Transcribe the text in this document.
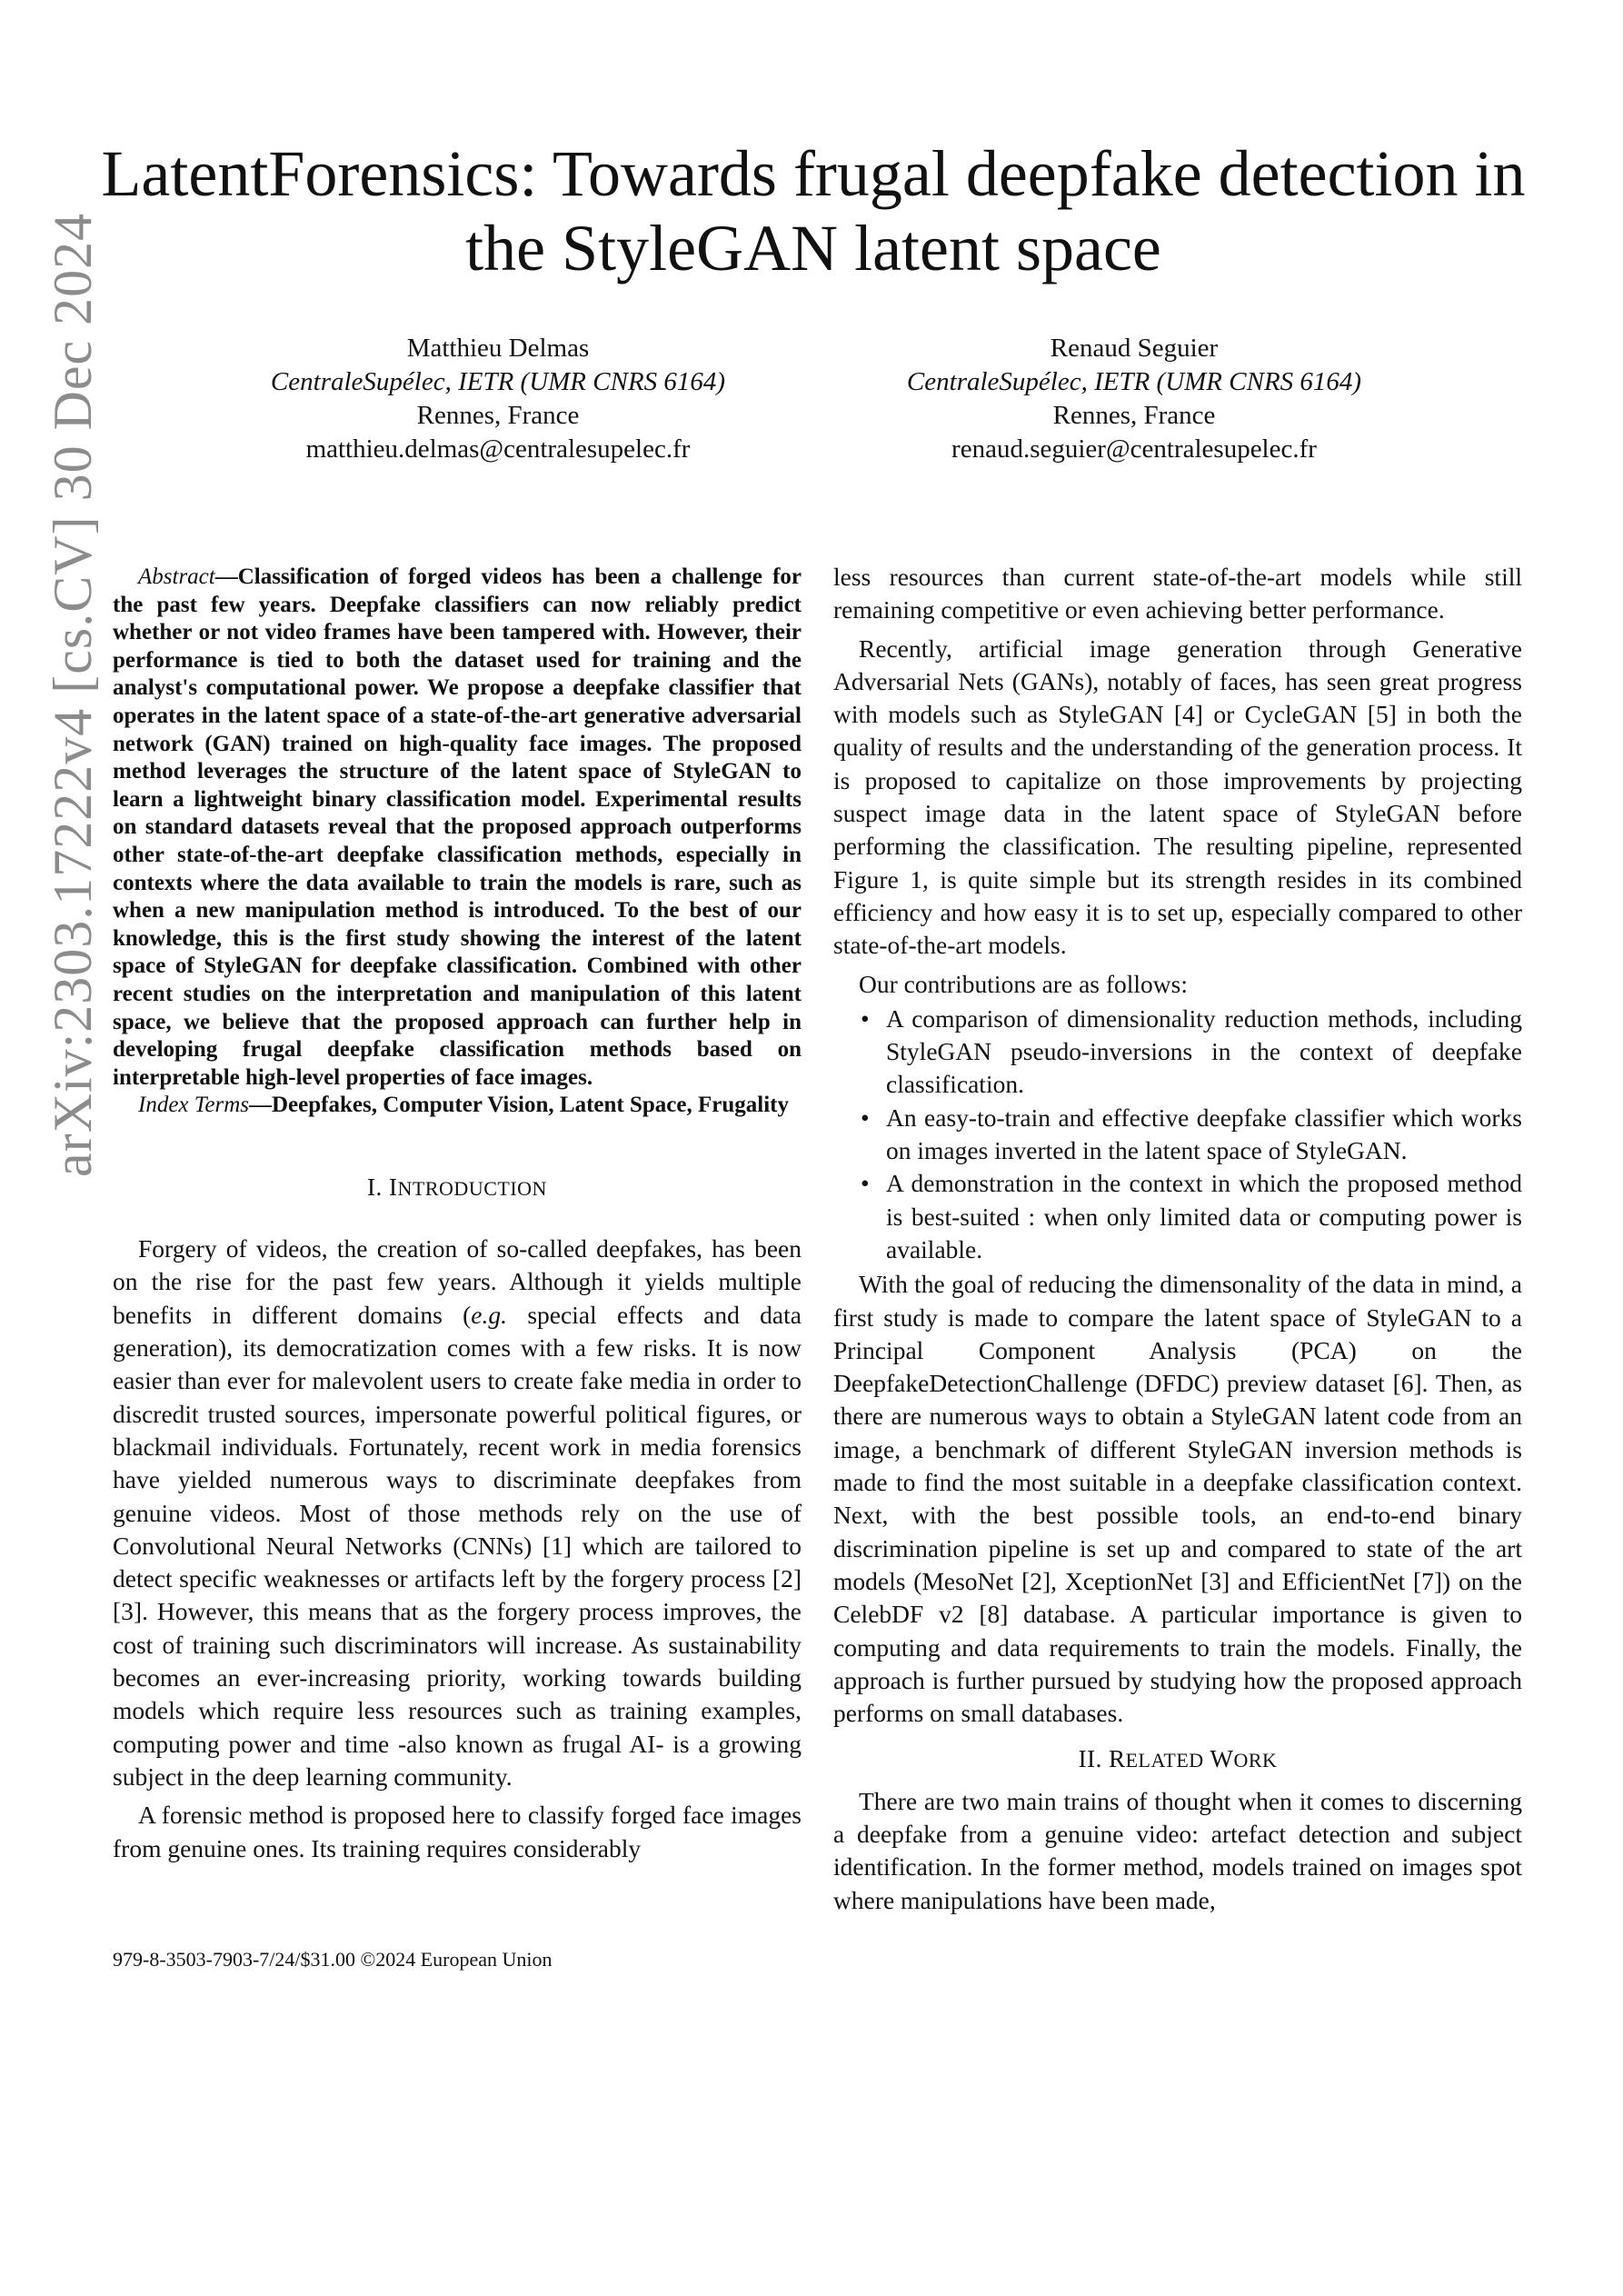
arXiv:2303.17222v4 [cs.CV] 30 Dec 2024
LatentForensics: Towards frugal deepfake detection in the StyleGAN latent space
Matthieu Delmas
CentraleSupélec, IETR (UMR CNRS 6164)
Rennes, France
matthieu.delmas@centralesupelec.fr
Renaud Seguier
CentraleSupélec, IETR (UMR CNRS 6164)
Rennes, France
renaud.seguier@centralesupelec.fr

Abstract—Classification of forged videos has been a challenge for the past few years. Deepfake classifiers can now reliably predict whether or not video frames have been tampered with. However, their performance is tied to both the dataset used for training and the analyst's computational power. We propose a deepfake classifier that operates in the latent space of a state-of-the-art generative adversarial network (GAN) trained on high-quality face images. The proposed method leverages the structure of the latent space of StyleGAN to learn a lightweight binary classification model. Experimental results on standard datasets reveal that the proposed approach outperforms other state-of-the-art deepfake classification methods, especially in contexts where the data available to train the models is rare, such as when a new manipulation method is introduced. To the best of our knowledge, this is the first study showing the interest of the latent space of StyleGAN for deepfake classification. Combined with other recent studies on the interpretation and manipulation of this latent space, we believe that the proposed approach can further help in developing frugal deepfake classification methods based on interpretable high-level properties of face images.

Index Terms—Deepfakes, Computer Vision, Latent Space, Frugality

I. INTRODUCTION

Forgery of videos, the creation of so-called deepfakes, has been on the rise for the past few years. Although it yields multiple benefits in different domains (e.g. special effects and data generation), its democratization comes with a few risks. It is now easier than ever for malevolent users to create fake media in order to discredit trusted sources, impersonate powerful political figures, or blackmail individuals. Fortunately, recent work in media forensics have yielded numerous ways to discriminate deepfakes from genuine videos. Most of those methods rely on the use of Convolutional Neural Networks (CNNs) [1] which are tailored to detect specific weaknesses or artifacts left by the forgery process [2] [3]. However, this means that as the forgery process improves, the cost of training such discriminators will increase. As sustainability becomes an ever-increasing priority, working towards building models which require less resources such as training examples, computing power and time -also known as frugal AI- is a growing subject in the deep learning community.

A forensic method is proposed here to classify forged face images from genuine ones. Its training requires considerably

less resources than current state-of-the-art models while still remaining competitive or even achieving better performance.

Recently, artificial image generation through Generative Adversarial Nets (GANs), notably of faces, has seen great progress with models such as StyleGAN [4] or CycleGAN [5] in both the quality of results and the understanding of the generation process. It is proposed to capitalize on those improvements by projecting suspect image data in the latent space of StyleGAN before performing the classification. The resulting pipeline, represented Figure 1, is quite simple but its strength resides in its combined efficiency and how easy it is to set up, especially compared to other state-of-the-art models.

Our contributions are as follows:

• A comparison of dimensionality reduction methods, including StyleGAN pseudo-inversions in the context of deepfake classification.
• An easy-to-train and effective deepfake classifier which works on images inverted in the latent space of StyleGAN.
• A demonstration in the context in which the proposed method is best-suited : when only limited data or computing power is available.

With the goal of reducing the dimensonality of the data in mind, a first study is made to compare the latent space of StyleGAN to a Principal Component Analysis (PCA) on the DeepfakeDetectionChallenge (DFDC) preview dataset [6]. Then, as there are numerous ways to obtain a StyleGAN latent code from an image, a benchmark of different StyleGAN inversion methods is made to find the most suitable in a deepfake classification context. Next, with the best possible tools, an end-to-end binary discrimination pipeline is set up and compared to state of the art models (MesoNet [2], XceptionNet [3] and EfficientNet [7]) on the CelebDF v2 [8] database. A particular importance is given to computing and data requirements to train the models. Finally, the approach is further pursued by studying how the proposed approach performs on small databases.

II. RELATED WORK

There are two main trains of thought when it comes to discerning a deepfake from a genuine video: artefact detection and subject identification. In the former method, models trained on images spot where manipulations have been made,

979-8-3503-7903-7/24/$31.00 ©2024 European Union
